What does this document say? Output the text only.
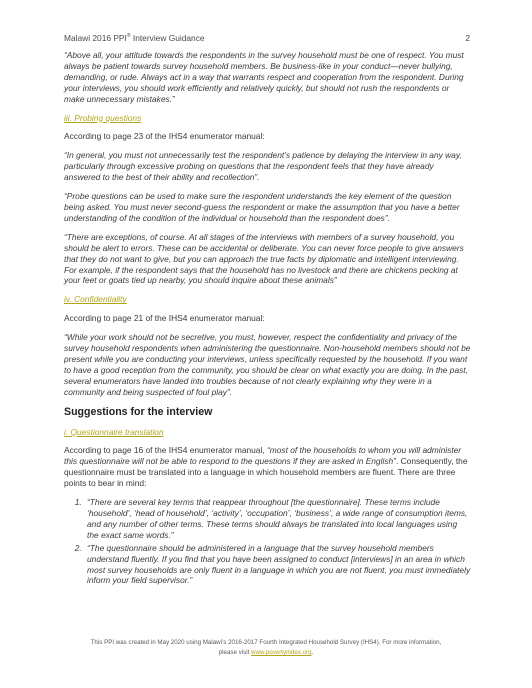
Malawi 2016 PPI® Interview Guidance	2

“Above all, your attitude towards the respondents in the survey household must be one of respect. You must always be patient towards survey household members. Be business-like in your conduct—never bullying, demanding, or rude. Always act in a way that warrants respect and cooperation from the respondent. During your interviews, you should work efficiently and relatively quickly, but should not rush the respondents or make unnecessary mistakes.”

iii. Probing questions

According to page 23 of the IHS4 enumerator manual:

“In general, you must not unnecessarily test the respondent’s patience by delaying the interview in any way, particularly through excessive probing on questions that the respondent feels that they have already answered to the best of their ability and recollection”.

“Probe questions can be used to make sure the respondent understands the key element of the question being asked. You must never second-guess the respondent or make the assumption that you have a better understanding of the condition of the individual or household than the respondent does”.

“There are exceptions, of course. At all stages of the interviews with members of a survey household, you should be alert to errors. These can be accidental or deliberate. You can never force people to give answers that they do not want to give, but you can approach the true facts by diplomatic and intelligent interviewing. For example, if the respondent says that the household has no livestock and there are chickens pecking at your feet or goats tied up nearby, you should inquire about these animals”

iv. Confidentiality

According to page 21 of the IHS4 enumerator manual:

“While your work should not be secretive, you must, however, respect the confidentiality and privacy of the survey household respondents when administering the questionnaire. Non-household members should not be present while you are conducting your interviews, unless specifically requested by the household. If you want to have a good reception from the community, you should be clear on what exactly you are doing. In the past, several enumerators have landed into troubles because of not clearly explaining why they were in a community and being suspected of foul play”.

Suggestions for the interview

i. Questionnaire translation

According to page 16 of the IHS4 enumerator manual, “most of the households to whom you will administer this questionnaire will not be able to respond to the questions if they are asked in English”. Consequently, the questionnaire must be translated into a language in which household members are fluent. There are three points to bear in mind:

1. “There are several key terms that reappear throughout [the questionnaire]. These terms include ‘household’, ‘head of household’, ‘activity’, ‘occupation’, ‘business’, a wide range of consumption items, and any number of other terms. These terms should always be translated into local languages using the exact same words.”
2. “The questionnaire should be administered in a language that the survey household members understand fluently. If you find that you have been assigned to conduct [interviews] in an area in which most survey households are only fluent in a language in which you are not fluent, you must immediately inform your field supervisor.”
This PPI was created in May 2020 using Malawi’s 2016-2017 Fourth Integrated Household Survey (IHS4). For more information,
please visit www.povertyindex.org.
